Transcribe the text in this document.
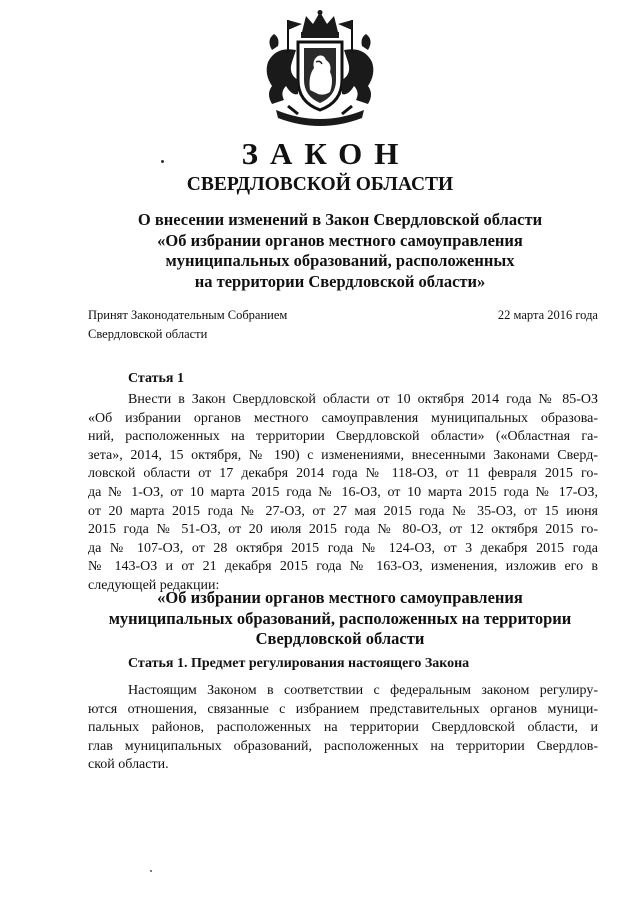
ЗАКОН
СВЕРДЛОВСКОЙ ОБЛАСТИ
О внесении изменений в Закон Свердловской области
«Об избрании органов местного самоуправления
муниципальных образований, расположенных
на территории Свердловской области»
Принят Законодательным Собранием
Свердловской области
22 марта 2016 года
Статья 1
Внести в Закон Свердловской области от 10 октября 2014 года № 85-ОЗ
«Об избрании органов местного самоуправления муниципальных образова-
ний, расположенных на территории Свердловской области» («Областная га-
зета», 2014, 15 октября, № 190) с изменениями, внесенными Законами Сверд-
ловской области от 17 декабря 2014 года № 118-ОЗ, от 11 февраля 2015 го-
да № 1-ОЗ, от 10 марта 2015 года № 16-ОЗ, от 10 марта 2015 года № 17-ОЗ,
от 20 марта 2015 года № 27-ОЗ, от 27 мая 2015 года № 35-ОЗ, от 15 июня
2015 года № 51-ОЗ, от 20 июля 2015 года № 80-ОЗ, от 12 октября 2015 го-
да № 107-ОЗ, от 28 октября 2015 года № 124-ОЗ, от 3 декабря 2015 года
№ 143-ОЗ и от 21 декабря 2015 года № 163-ОЗ, изменения, изложив его в
следующей редакции:
«Об избрании органов местного самоуправления
муниципальных образований, расположенных на территории
Свердловской области
Статья 1. Предмет регулирования настоящего Закона
Настоящим Законом в соответствии с федеральным законом регулиру-
ются отношения, связанные с избранием представительных органов муници-
пальных районов, расположенных на территории Свердловской области, и
глав муниципальных образований, расположенных на территории Свердлов-
ской области.
